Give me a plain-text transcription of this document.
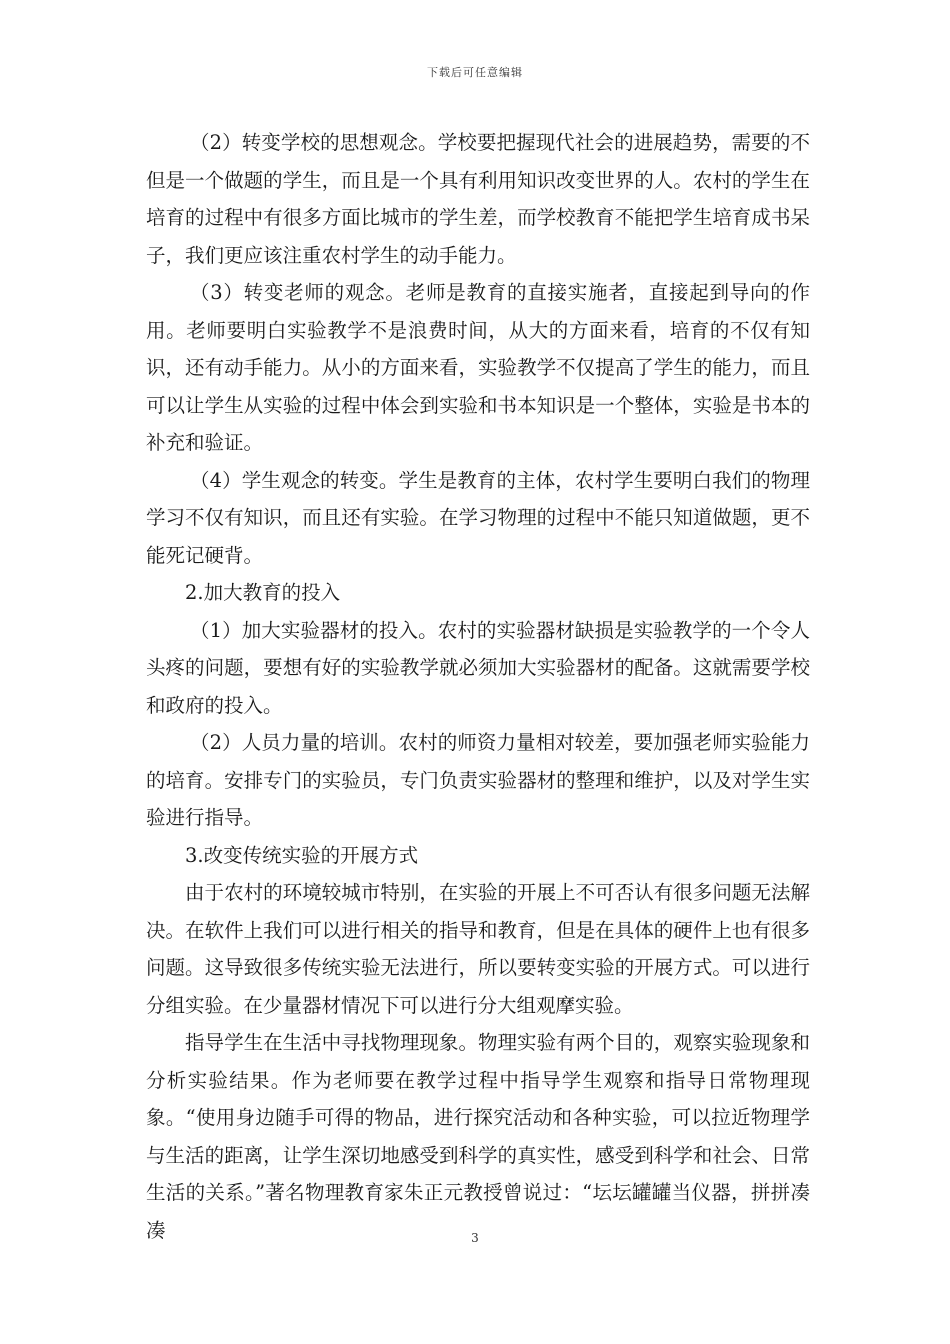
下载后可任意编辑

（2）转变学校的思想观念。学校要把握现代社会的进展趋势，需要的不但是一个做题的学生，而且是一个具有利用知识改变世界的人。农村的学生在培育的过程中有很多方面比城市的学生差，而学校教育不能把学生培育成书呆子，我们更应该注重农村学生的动手能力。

（3）转变老师的观念。老师是教育的直接实施者，直接起到导向的作用。老师要明白实验教学不是浪费时间，从大的方面来看，培育的不仅有知识，还有动手能力。从小的方面来看，实验教学不仅提高了学生的能力，而且可以让学生从实验的过程中体会到实验和书本知识是一个整体，实验是书本的补充和验证。

（4）学生观念的转变。学生是教育的主体，农村学生要明白我们的物理学习不仅有知识，而且还有实验。在学习物理的过程中不能只知道做题，更不能死记硬背。

2.加大教育的投入

（1）加大实验器材的投入。农村的实验器材缺损是实验教学的一个令人头疼的问题，要想有好的实验教学就必须加大实验器材的配备。这就需要学校和政府的投入。

（2）人员力量的培训。农村的师资力量相对较差，要加强老师实验能力的培育。安排专门的实验员，专门负责实验器材的整理和维护，以及对学生实验进行指导。

3.改变传统实验的开展方式

由于农村的环境较城市特别，在实验的开展上不可否认有很多问题无法解决。在软件上我们可以进行相关的指导和教育，但是在具体的硬件上也有很多问题。这导致很多传统实验无法进行，所以要转变实验的开展方式。可以进行分组实验。在少量器材情况下可以进行分大组观摩实验。

指导学生在生活中寻找物理现象。物理实验有两个目的，观察实验现象和分析实验结果。作为老师要在教学过程中指导学生观察和指导日常物理现象。“使用身边随手可得的物品，进行探究活动和各种实验，可以拉近物理学与生活的距离，让学生深切地感受到科学的真实性，感受到科学和社会、日常生活的关系。”著名物理教育家朱正元教授曾说过：“坛坛罐罐当仪器，拼拼凑凑	3
